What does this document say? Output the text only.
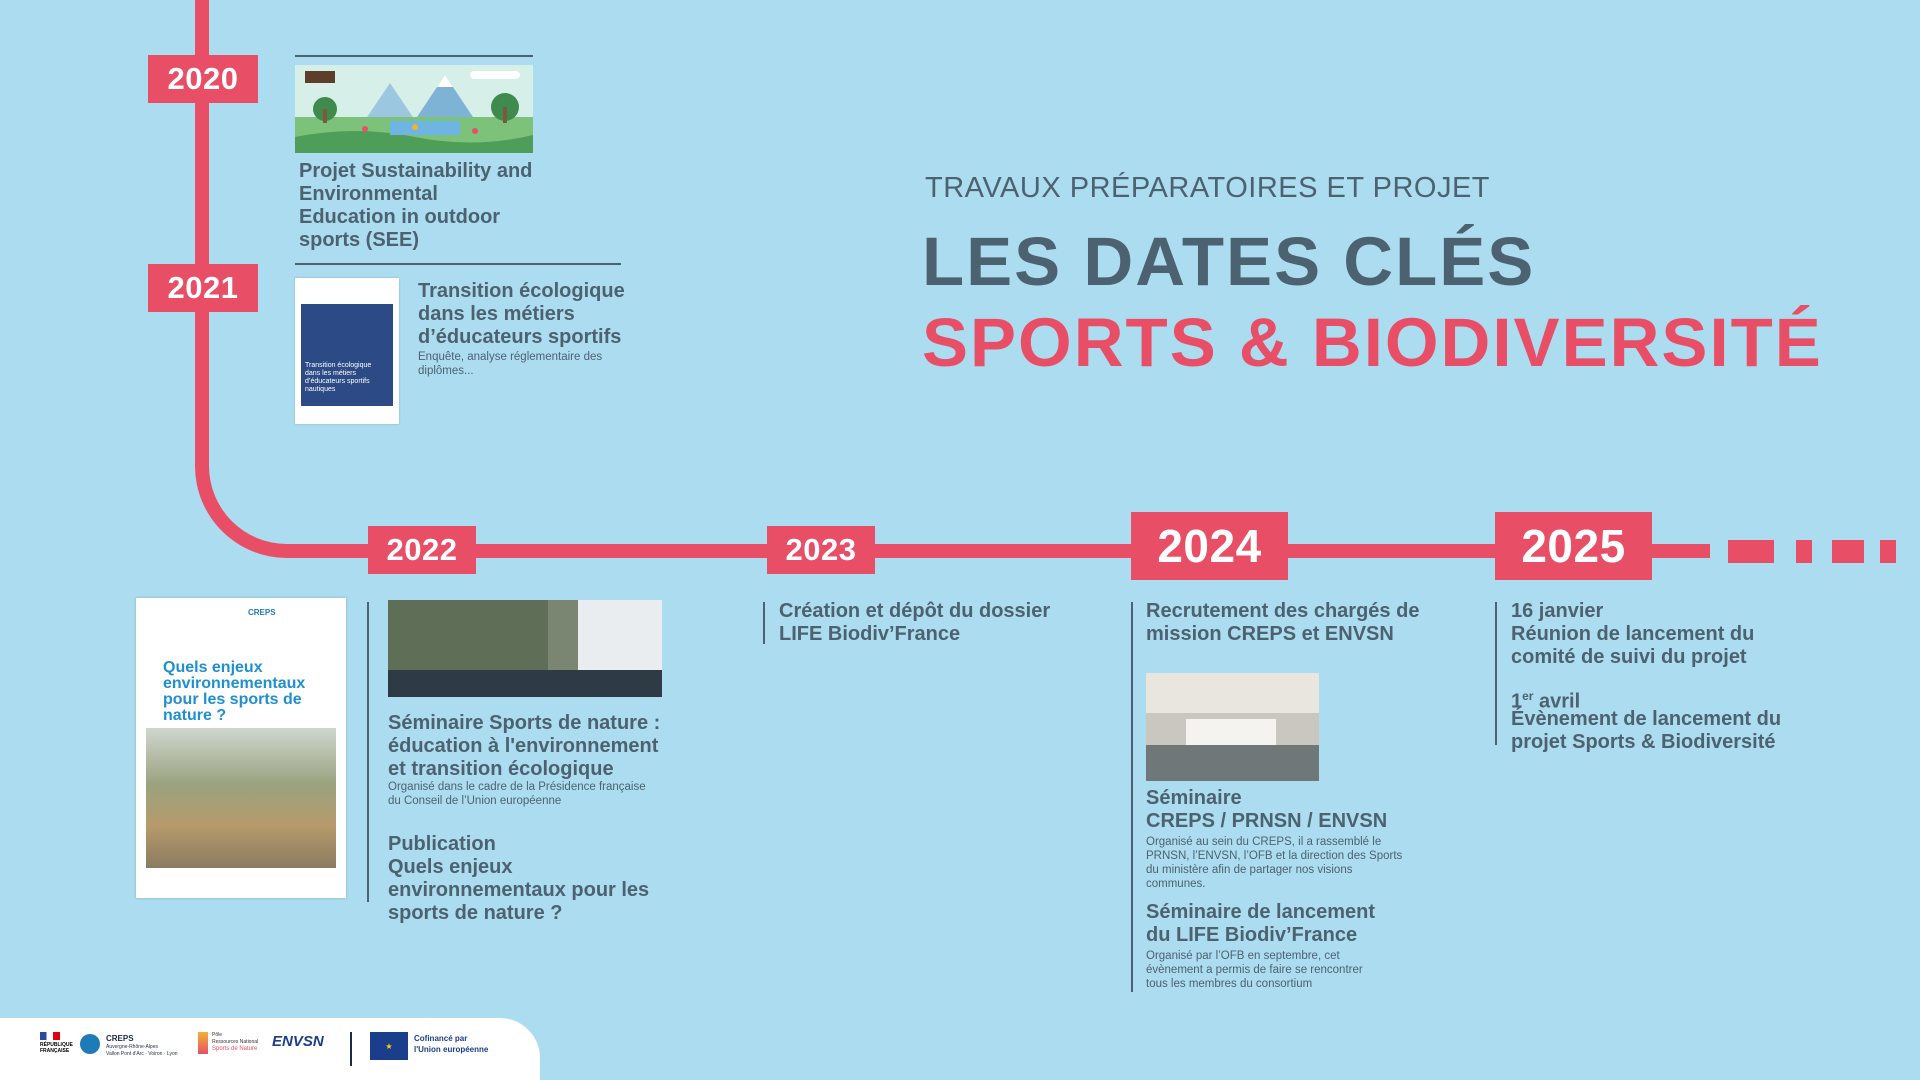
TRAVAUX PRÉPARATOIRES ET PROJET
LES DATES CLÉS
SPORTS & BIODIVERSITÉ
2020
Projet Sustainability and Environmental Education in outdoor sports (SEE)
2021
Transition écologique dans les métiers d’éducateurs sportifs nautiques
Transition écologique dans les métiers d’éducateurs sportifs
Enquête, analyse réglementaire des diplômes...
2022
CREPS
Quels enjeux environnementaux pour les sports de nature ?	Séminaire Sports de nature : éducation à l'environnement et transition écologique
Organisé dans le cadre de la Présidence française du Conseil de l’Union européenne
Publication
Quels enjeux environnementaux pour les sports de nature ?
2023
Création et dépôt du dossier LIFE Biodiv’France
2024
Recrutement des chargés de mission CREPS et ENVSN
Séminaire
CREPS / PRNSN / ENVSN
Organisé au sein du CREPS, il a rassemblé le PRNSN, l’ENVSN, l’OFB et la direction des Sports du ministère afin de partager nos visions communes.
Séminaire de lancement du LIFE Biodiv’France
Organisé par l’OFB en septembre, cet évènement a permis de faire se rencontrer tous les membres du consortium
2025
16 janvier
Réunion de lancement du comité de suivi du projet
1er avril
Évènement de lancement du projet Sports & Biodiversité
RÉPUBLIQUE FRANÇAISE
CREPS
Auvergne-Rhône-Alpes
Vallon Pont d'Arc · Voiron · Lyon
Pôle
Ressources National
Sports de Nature ENVSN	★
Cofinancé par
l'Union européenne
